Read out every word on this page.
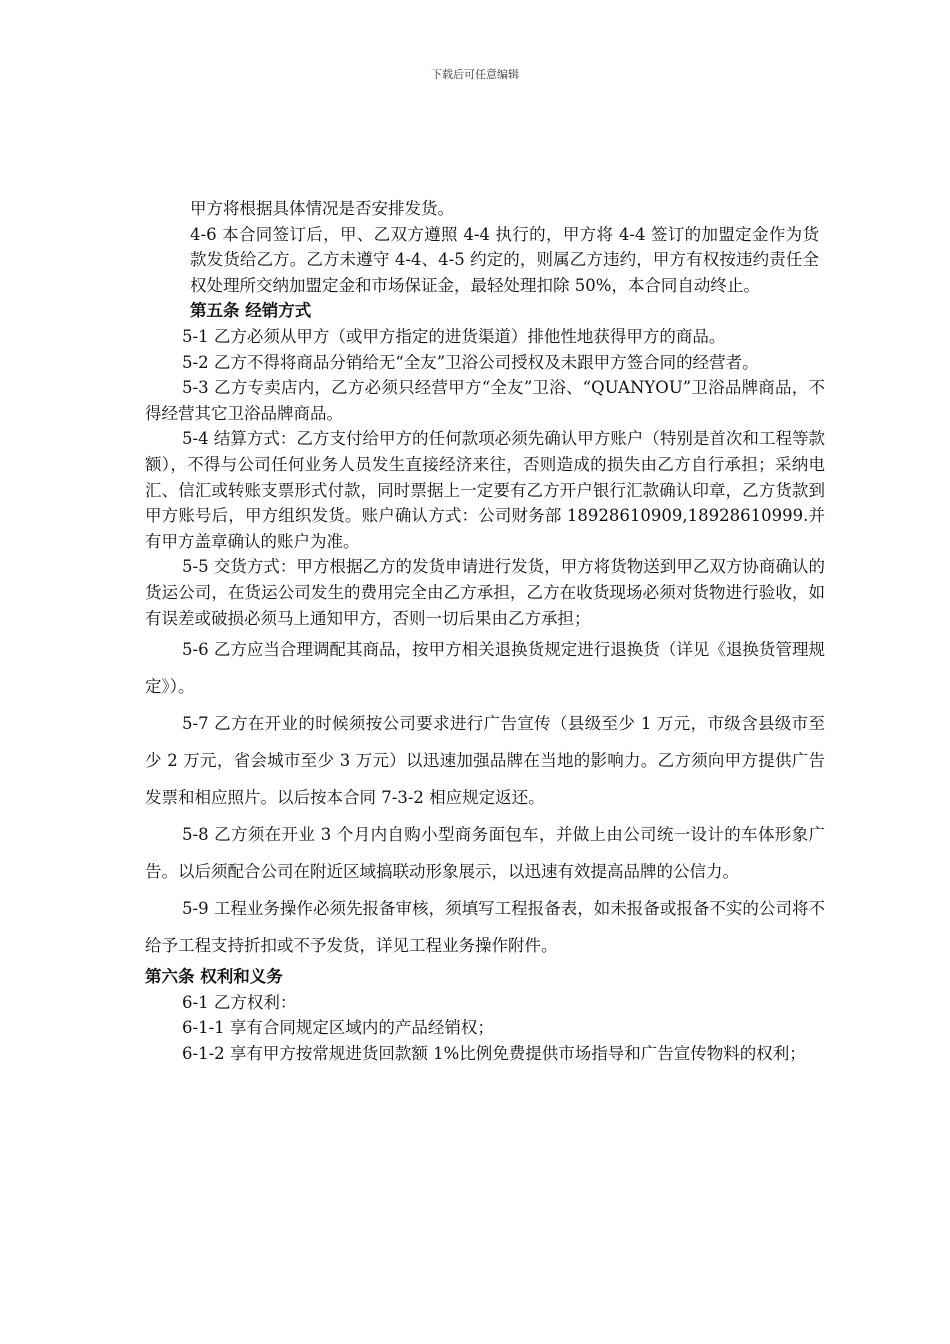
下载后可任意编辑

甲方将根据具体情况是否安排发货。

4-6 本合同签订后，甲、乙双方遵照 4-4 执行的，甲方将 4-4 签订的加盟定金作为货款发货给乙方。乙方未遵守 4-4、4-5 约定的，则属乙方违约，甲方有权按违约责任全权处理所交纳加盟定金和市场保证金，最轻处理扣除 50%，本合同自动终止。

第五条 经销方式

5-1 乙方必须从甲方（或甲方指定的进货渠道）排他性地获得甲方的商品。

5-2 乙方不得将商品分销给无“全友”卫浴公司授权及未跟甲方签合同的经营者。

5-3 乙方专卖店内，乙方必须只经营甲方“全友”卫浴、“QUANYOU”卫浴品牌商品，不得经营其它卫浴品牌商品。

5-4 结算方式：乙方支付给甲方的任何款项必须先确认甲方账户（特别是首次和工程等款额），不得与公司任何业务人员发生直接经济来往，否则造成的损失由乙方自行承担；采纳电汇、信汇或转账支票形式付款，同时票据上一定要有乙方开户银行汇款确认印章，乙方货款到甲方账号后，甲方组织发货。账户确认方式：公司财务部 18928610909,18928610999.并有甲方盖章确认的账户为准。

5-5 交货方式：甲方根据乙方的发货申请进行发货，甲方将货物送到甲乙双方协商确认的货运公司，在货运公司发生的费用完全由乙方承担，乙方在收货现场必须对货物进行验收，如有误差或破损必须马上通知甲方，否则一切后果由乙方承担；

5-6 乙方应当合理调配其商品，按甲方相关退换货规定进行退换货（详见《退换货管理规定》）。

5-7 乙方在开业的时候须按公司要求进行广告宣传（县级至少 1 万元，市级含县级市至少 2 万元，省会城市至少 3 万元）以迅速加强品牌在当地的影响力。乙方须向甲方提供广告发票和相应照片。以后按本合同 7-3-2 相应规定返还。

5-8 乙方须在开业 3 个月内自购小型商务面包车，并做上由公司统一设计的车体形象广告。以后须配合公司在附近区域搞联动形象展示，以迅速有效提高品牌的公信力。

5-9 工程业务操作必须先报备审核，须填写工程报备表，如未报备或报备不实的公司将不给予工程支持折扣或不予发货，详见工程业务操作附件。

第六条 权利和义务

6-1 乙方权利：

6-1-1 享有合同规定区域内的产品经销权；

6-1-2 享有甲方按常规进货回款额 1%比例免费提供市场指导和广告宣传物料的权利；
